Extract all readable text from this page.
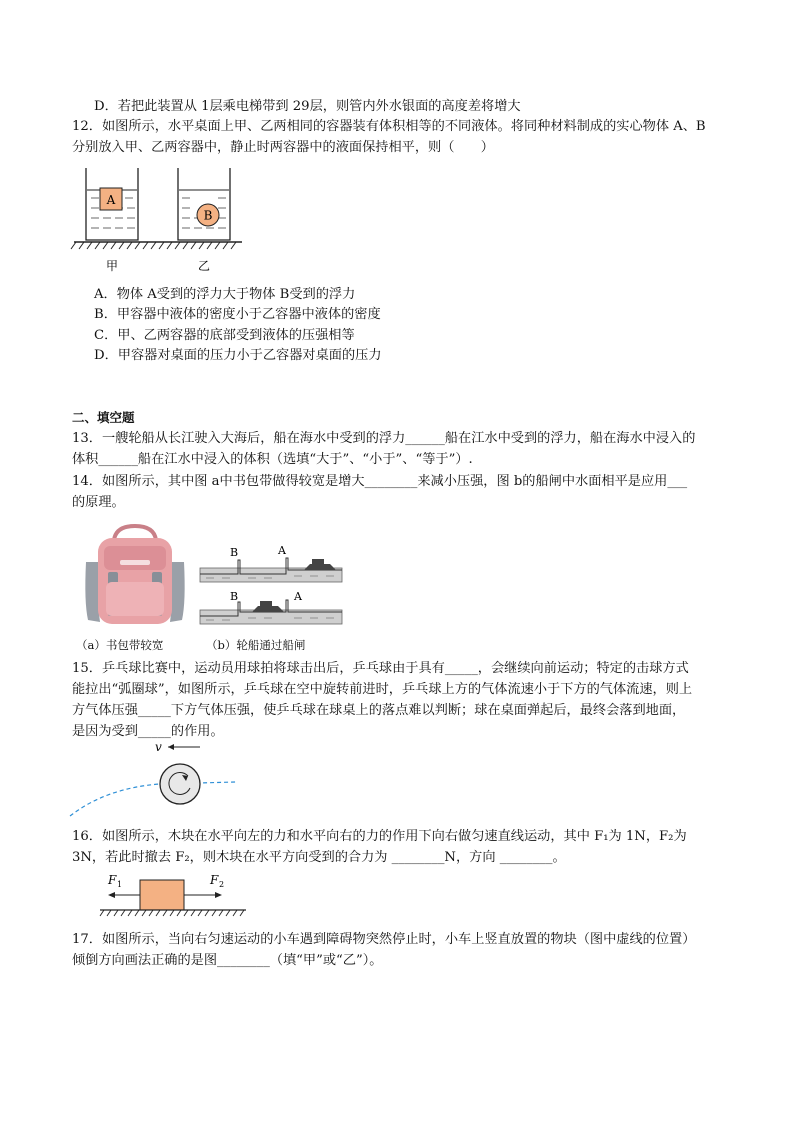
D．若把此装置从 1层乘电梯带到 29层，则管内外水银面的高度差将增大
12．如图所示，水平桌面上甲、乙两相同的容器装有体积相等的不同液体。将同种材料制成的实心物体 A、B
分别放入甲、乙两容器中，静止时两容器中的液面保持相平，则（　　）
A
B
甲	乙
A．物体 A受到的浮力大于物体 B受到的浮力
B．甲容器中液体的密度小于乙容器中液体的密度
C．甲、乙两容器的底部受到液体的压强相等
D．甲容器对桌面的压力小于乙容器对桌面的压力
二、填空题
13．一艘轮船从长江驶入大海后，船在海水中受到的浮力______船在江水中受到的浮力，船在海水中浸入的
体积______船在江水中浸入的体积（选填“大于”、“小于”、“等于”）.
14．如图所示，其中图 a中书包带做得较宽是增大________来减小压强，图 b的船闸中水面相平是应用___
的原理。
B	A
B	A
（a）书包带较宽	（b）轮船通过船闸
15．乒乓球比赛中，运动员用球拍将球击出后，乒乓球由于具有_____，会继续向前运动；特定的击球方式
能拉出“弧圈球”，如图所示，乒乓球在空中旋转前进时，乒乓球上方的气体流速小于下方的气体流速，则上
方气体压强_____下方气体压强，使乒乓球在球桌上的落点难以判断；球在桌面弹起后，最终会落到地面，
是因为受到_____的作用。
v
16．如图所示，木块在水平向左的力和水平向右的力的作用下向右做匀速直线运动，其中 F₁为 1N，F₂为
3N，若此时撤去 F₂，则木块在水平方向受到的合力为 ________N，方向 ________。
F 1	F 2
17．如图所示，当向右匀速运动的小车遇到障碍物突然停止时，小车上竖直放置的物块（图中虚线的位置）
倾倒方向画法正确的是图________（填“甲”或“乙”）。
